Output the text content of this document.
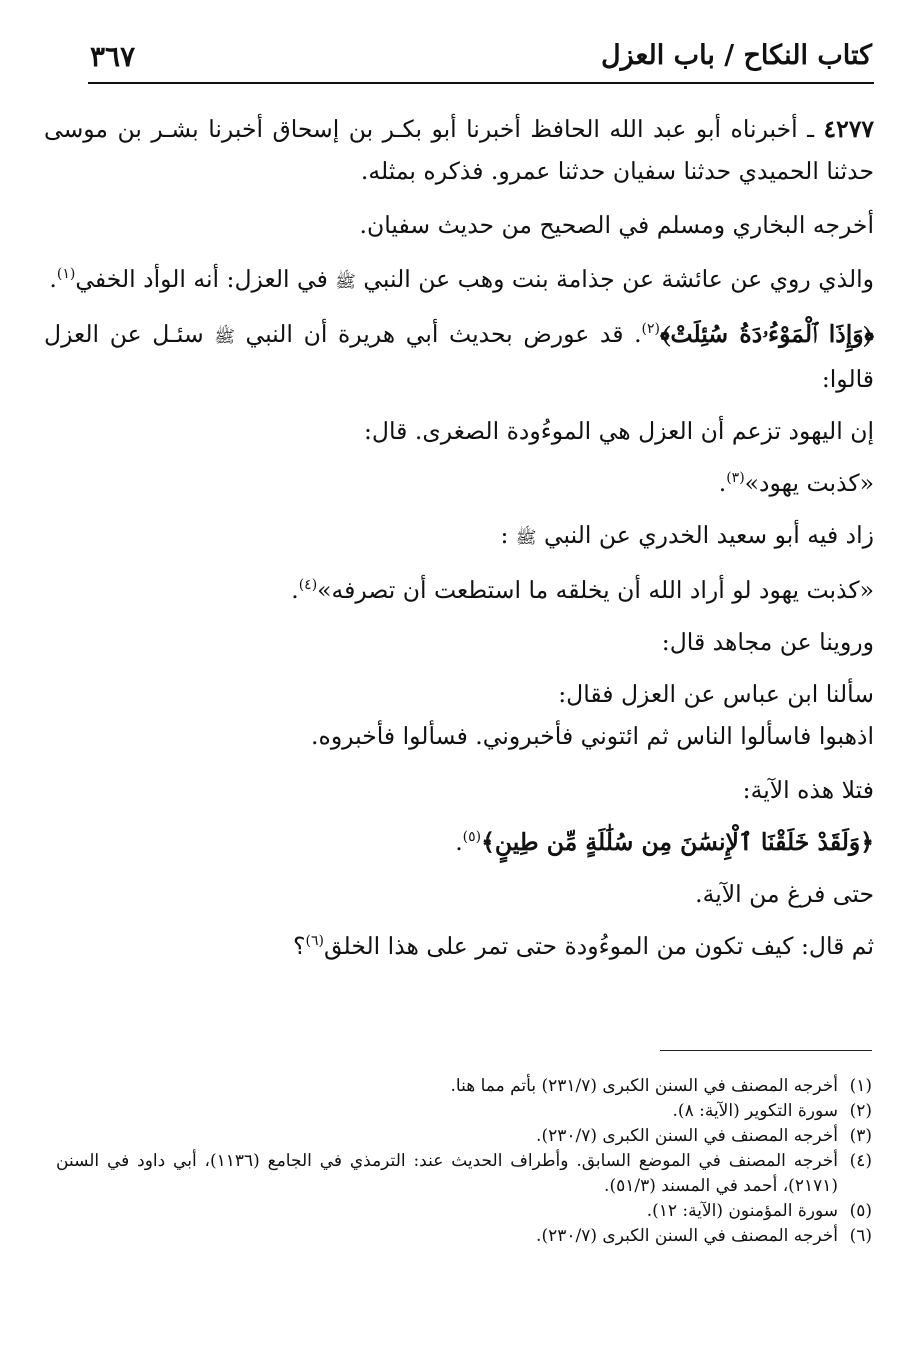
كتاب النكاح / باب العزل
٣٦٧

٤٢٧٧ ـ أخبرناه أبو عبد الله الحافظ أخبرنا أبو بكـر بن إسحاق أخبرنا بشـر بن موسى حدثنا الحميدي حدثنا سفيان حدثنا عمرو. فذكره بمثله.

أخرجه البخاري ومسلم في الصحيح من حديث سفيان.

والذي روي عن عائشة عن جذامة بنت وهب عن النبي ﷺ في العزل: أنه الوأد الخفي$^{(١)}$.

﴿وَإِذَا ٱلْمَوْءُۥدَةُ سُئِلَتْ﴾$^{(٢)}$. قد عورض بحديث أبي هريرة أن النبي ﷺ سئـل عن العزل قالوا:

إن اليهود تزعم أن العزل هي الموءُودة الصغرى. قال:

«كذبت يهود»$^{(٣)}$.

زاد فيه أبو سعيد الخدري عن النبي ﷺ :

«كذبت يهود لو أراد الله أن يخلقه ما استطعت أن تصرفه»$^{(٤)}$.

وروينا عن مجاهد قال:

سألنا ابن عباس عن العزل فقال:

اذهبوا فاسألوا الناس ثم ائتوني فأخبروني. فسألوا فأخبروه.

فتلا هذه الآية:

﴿وَلَقَدْ خَلَقْنَا ٱلْإِنسَٰنَ مِن سُلَٰلَةٍ مِّن طِينٍ﴾$^{(٥)}$.

حتى فرغ من الآية.

ثم قال: كيف تكون من الموءُودة حتى تمر على هذا الخلق$^{(٦)}$؟

(١)
أخرجه المصنف في السنن الكبرى (٢٣١/٧) بأتم مما هنا.

(٢)
سورة التكوير (الآية: ٨).

(٣)
أخرجه المصنف في السنن الكبرى (٢٣٠/٧).

(٤)
أخرجه المصنف في الموضع السابق. وأطراف الحديث عند: الترمذي في الجامع (١١٣٦)، أبي داود في السنن (٢١٧١)، أحمد في المسند (٥١/٣).

(٥)
سورة المؤمنون (الآية: ١٢).

(٦)
أخرجه المصنف في السنن الكبرى (٢٣٠/٧).
